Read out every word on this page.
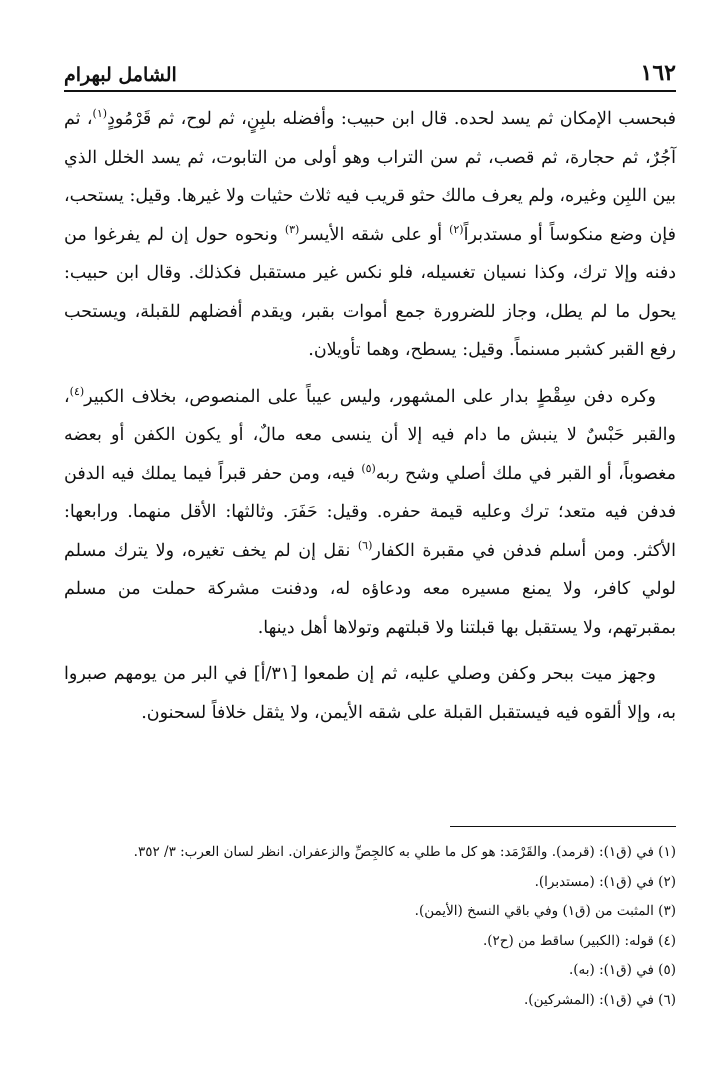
١٦٢
الشامل لبهرام

فبحسب الإمكان ثم يسد لحده. قال ابن حبيب: وأفضله بلبِنٍ، ثم لوح، ثم قَرْمُودٍ$^{(١)}$، ثم آجُرٌ، ثم حجارة، ثم قصب، ثم سن التراب وهو أولى من التابوت، ثم يسد الخلل الذي بين اللبِن وغيره، ولم يعرف مالك حثو قريب فيه ثلاث حثيات ولا غيرها. وقيل: يستحب، فإن وضع منكوساً أو مستدبراً$^{(٢)}$ أو على شقه الأيسر$^{(٣)}$ ونحوه حول إن لم يفرغوا من دفنه وإلا ترك، وكذا نسيان تغسيله، فلو نكس غير مستقبل فكذلك. وقال ابن حبيب: يحول ما لم يطل، وجاز للضرورة جمع أموات بقبر، ويقدم أفضلهم للقبلة، ويستحب رفع القبر كشبر مسنماً. وقيل: يسطح، وهما تأويلان.

وكره دفن سِقْطٍ بدار على المشهور، وليس عيباً على المنصوص، بخلاف الكبير$^{(٤)}$، والقبر حَبْسٌ لا ينبش ما دام فيه إلا أن ينسى معه مالٌ، أو يكون الكفن أو بعضه مغصوباً، أو القبر في ملك أصلي وشح ربه$^{(٥)}$ فيه، ومن حفر قبراً فيما يملك فيه الدفن فدفن فيه متعد؛ ترك وعليه قيمة حفره. وقيل: حَفَرَ. وثالثها: الأقل منهما. ورابعها: الأكثر. ومن أسلم فدفن في مقبرة الكفار$^{(٦)}$ نقل إن لم يخف تغيره، ولا يترك مسلم لولي كافر، ولا يمنع مسيره معه ودعاؤه له، ودفنت مشركة حملت من مسلم بمقبرتهم، ولا يستقبل بها قبلتنا ولا قبلتهم وتولاها أهل دينها.

وجهز ميت ببحر وكفن وصلي عليه، ثم إن طمعوا [٣١/أ] في البر من يومهم صبروا به، وإلا ألقوه فيه فيستقبل القبلة على شقه الأيمن، ولا يثقل خلافاً لسحنون.

(١) في (ق١): (قرمد). والقَرْمَد: هو كل ما طلي به كالجِصِّ والزعفران. انظر لسان العرب: ٣/ ٣٥٢.
(٢) في (ق١): (مستدبرا).
(٣) المثبت من (ق١) وفي باقي النسخ (الأيمن).
(٤) قوله: (الكبير) ساقط من (ح٢).
(٥) في (ق١): (به).
(٦) في (ق١): (المشركين).
